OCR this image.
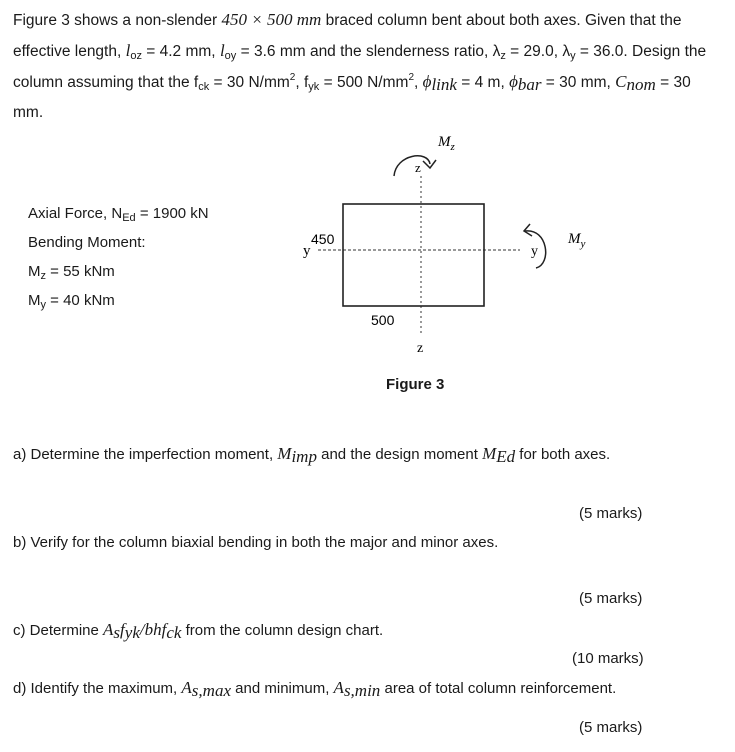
Figure 3 shows a non-slender 450 × 500 mm braced column bent about both axes. Given that the effective length, $l_{oz} = 4.2$ mm, $l_{oy} = 3.6$ mm and the slenderness ratio, $\lambda_z = 29.0$, $\lambda_y = 36.0$. Design the column assuming that the $f_{ck} = 30$ $N/mm^2$, $f_{yk} = 500$ $N/mm^2$, $\phi_{link} = 4$ m, $\phi_{bar} = 30$ mm, $C_{nom} = 30$ mm.
Axial Force, $N_{Ed} = 1900$ kN
Bending Moment:
$M_z = 55$ kNm
$M_y = 40$ kNm
$M_z$
z
z
y	y
$M_y$
450
500
Figure 3
a) Determine the imperfection moment, $M_{imp}$ and the design moment $M_{Ed}$ for both axes.
(5 marks)
b) Verify for the column biaxial bending in both the major and minor axes.
(5 marks)
c) Determine $A_sf_{yk}/bhf_{ck}$ from the column design chart.
(10 marks)
d) Identify the maximum, $A_{s,max}$ and minimum, $A_{s,min}$ area of total column reinforcement.
(5 marks)
